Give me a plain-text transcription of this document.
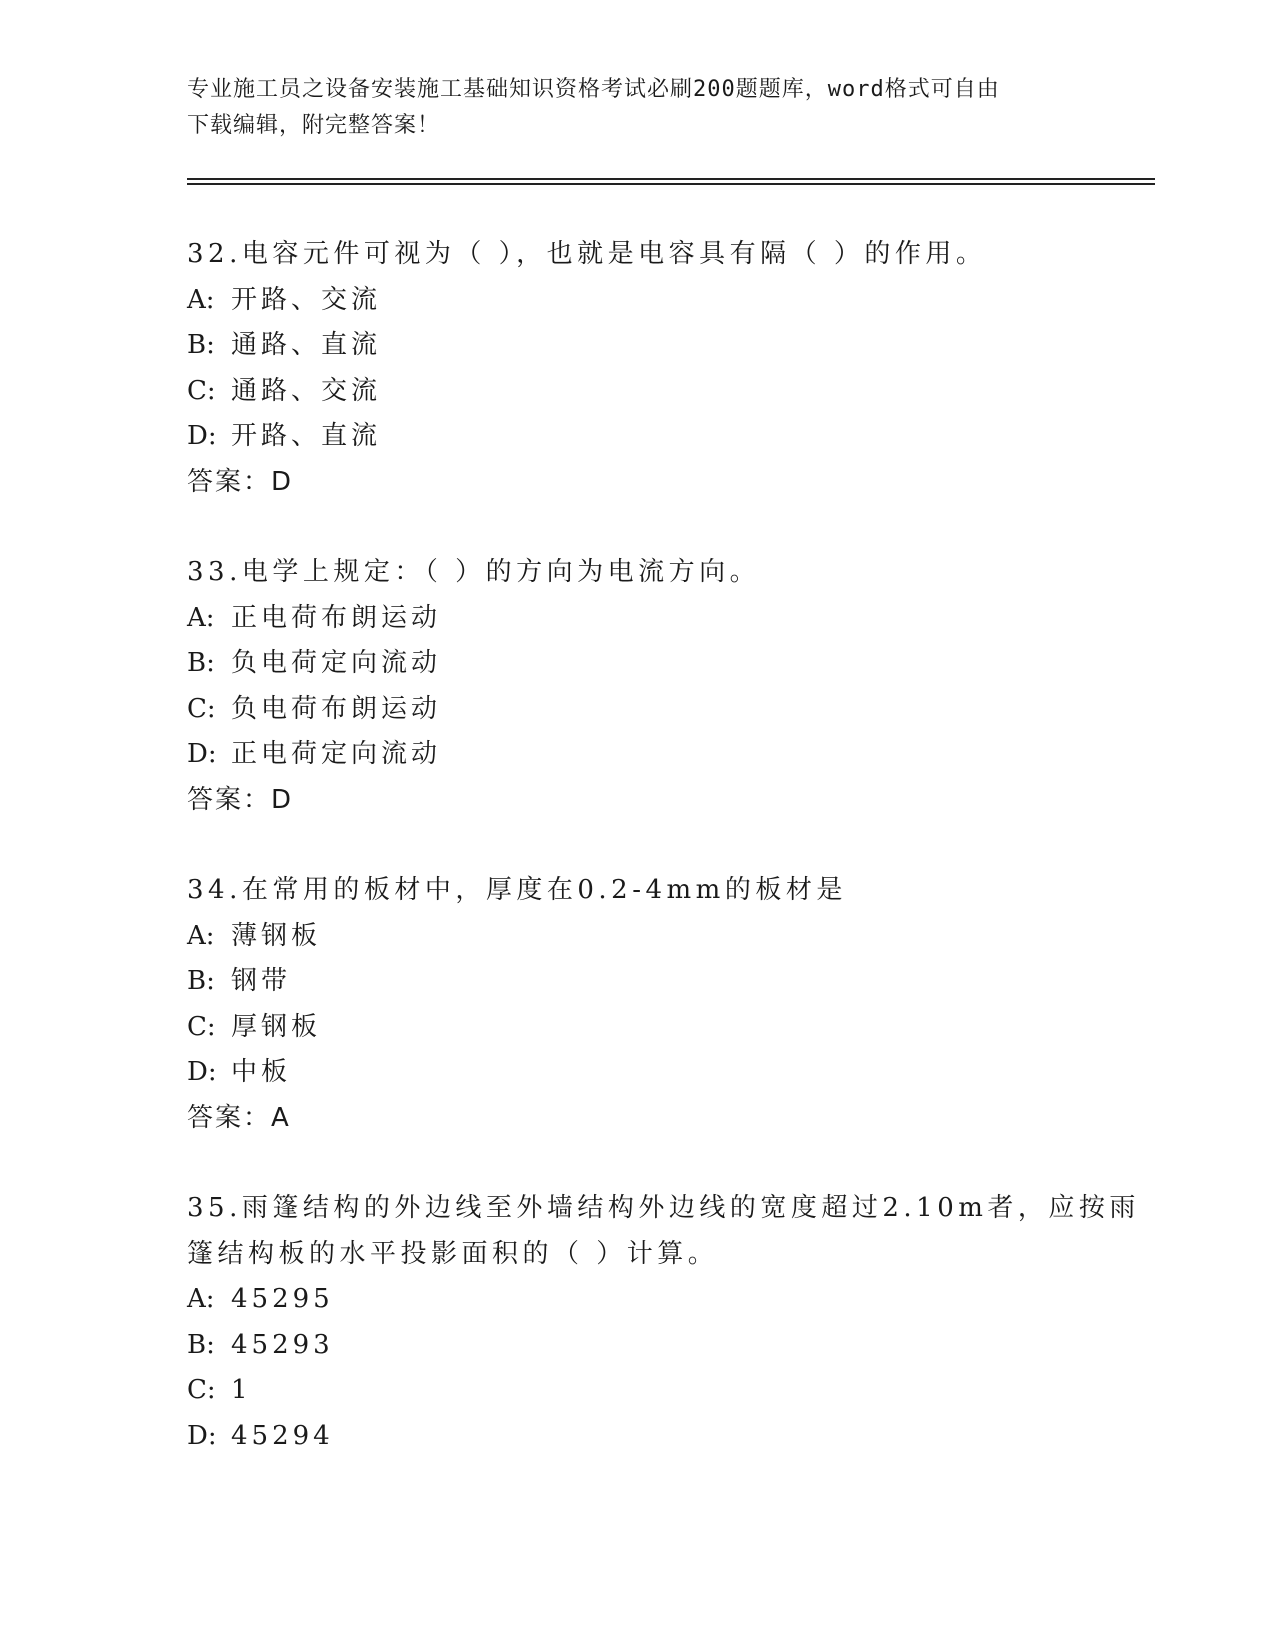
专业施工员之设备安装施工基础知识资格考试必刷200题题库，word格式可自由
下载编辑，附完整答案！
32.电容元件可视为（ ），也就是电容具有隔（ ）的作用。
A: 开路、交流
B: 通路、直流
C: 通路、交流
D: 开路、直流
答案：D
33.电学上规定：（ ）的方向为电流方向。
A: 正电荷布朗运动
B: 负电荷定向流动
C: 负电荷布朗运动
D: 正电荷定向流动
答案：D
34.在常用的板材中，厚度在0.2-4mm的板材是
A: 薄钢板
B: 钢带
C: 厚钢板
D: 中板
答案：A
35.雨篷结构的外边线至外墙结构外边线的宽度超过2.10m者，应按雨
篷结构板的水平投影面积的（ ）计算。
A: 45295
B: 45293
C: 1
D: 45294
